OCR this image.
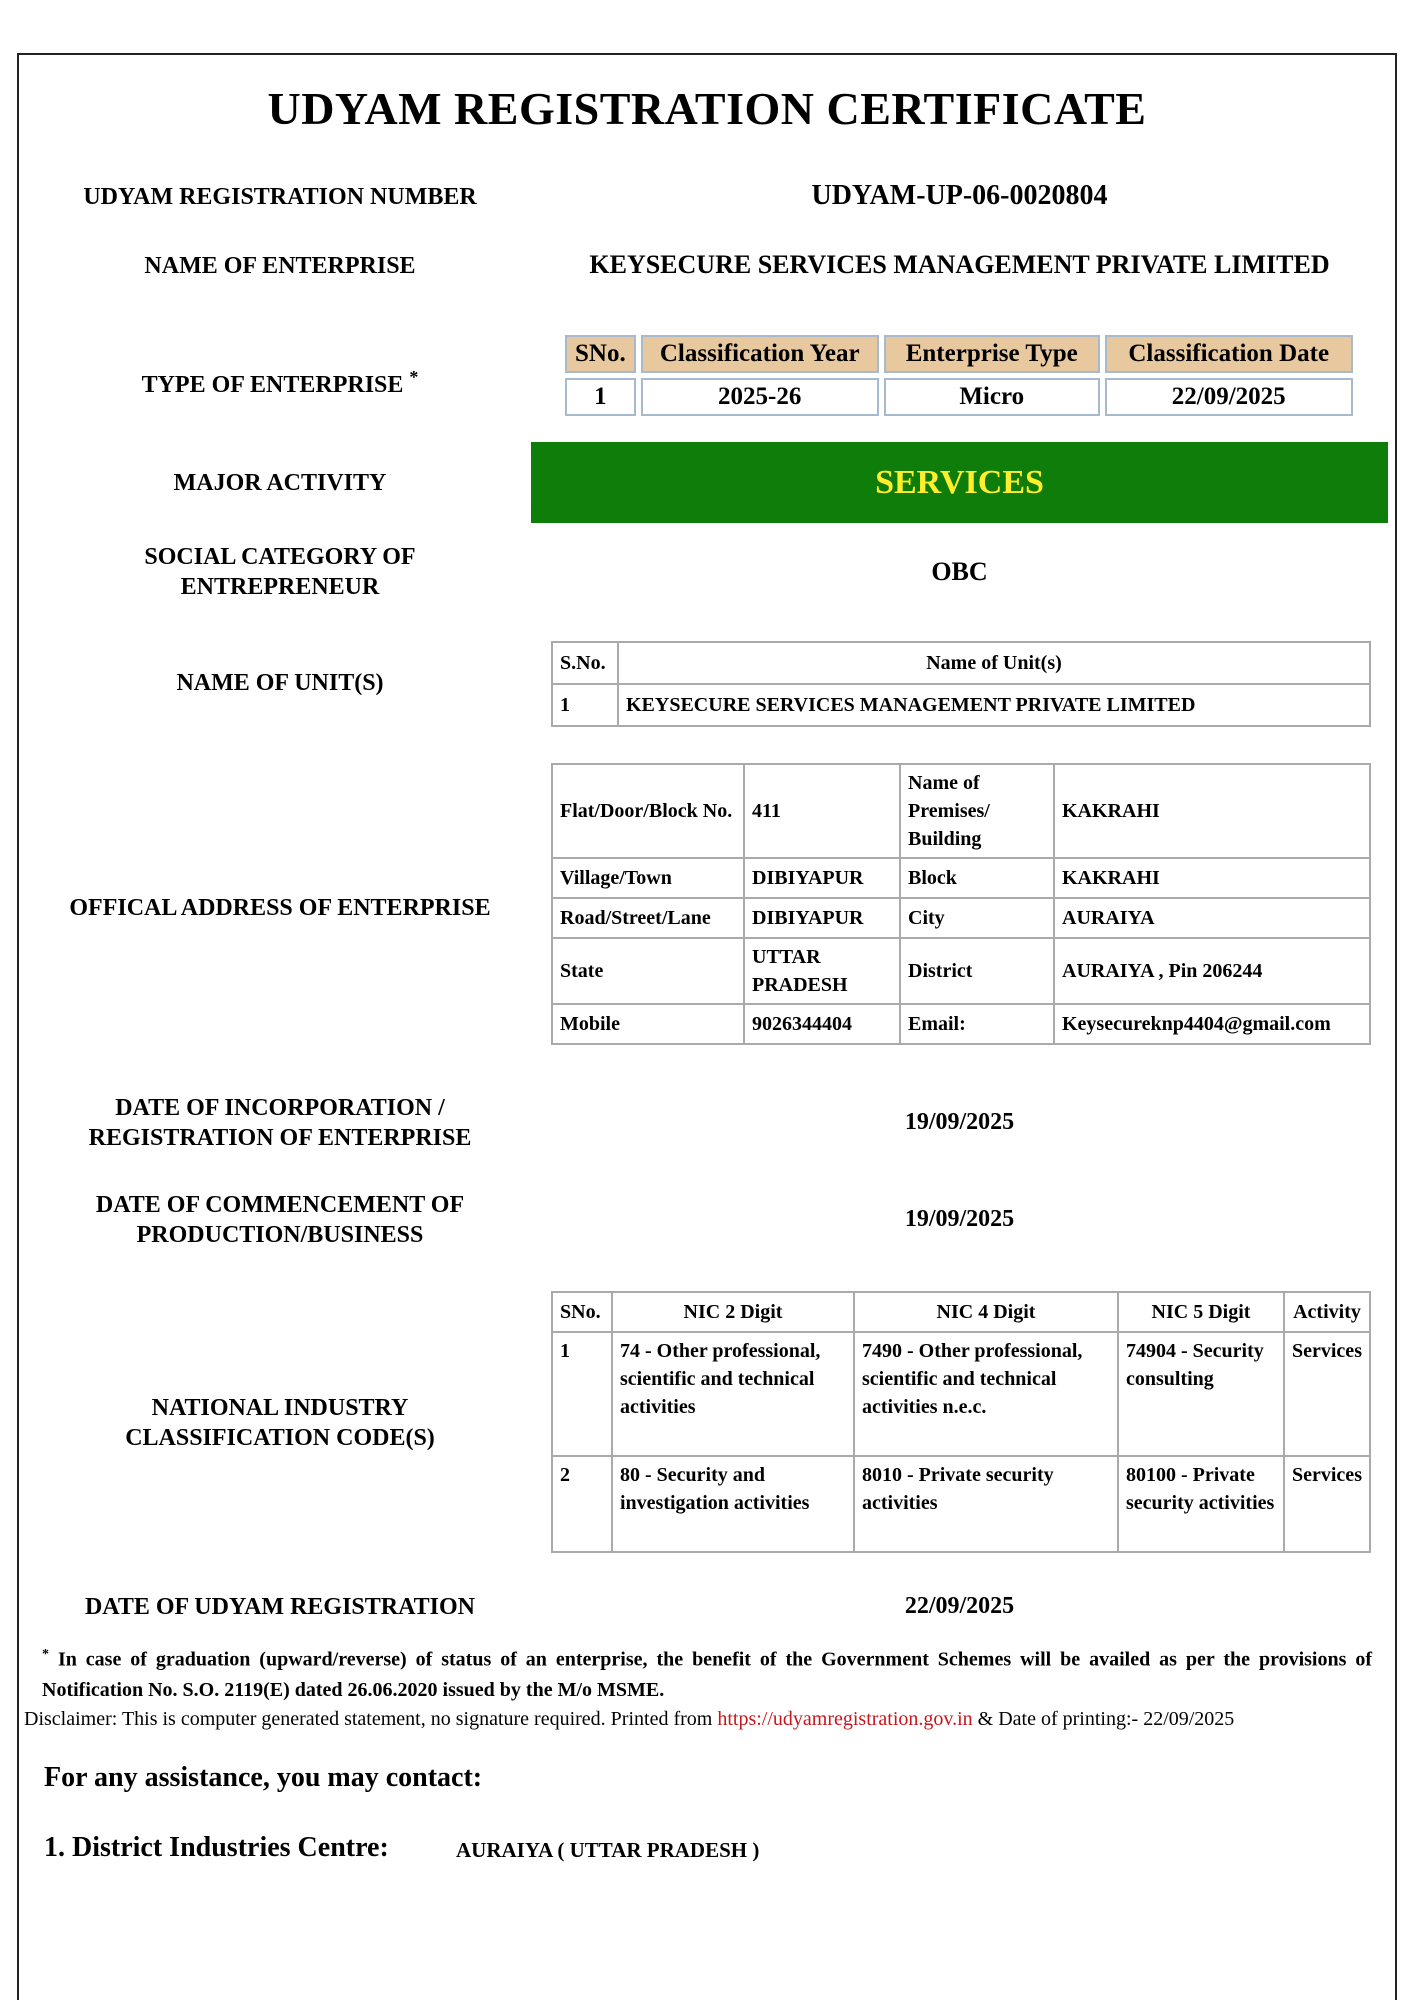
UDYAM REGISTRATION CERTIFICATE
UDYAM REGISTRATION NUMBER	UDYAM-UP-06-0020804
NAME OF ENTERPRISE	KEYSECURE SERVICES MANAGEMENT PRIVATE LIMITED
TYPE OF ENTERPRISE *
SNo.	Classification Year	Enterprise Type	Classification Date
1	2025-26	Micro	22/09/2025
MAJOR ACTIVITY	SERVICES
SOCIAL CATEGORY OF
ENTREPRENEUR
OBC
NAME OF UNIT(S)
S.No.	Name of Unit(s)
1	KEYSECURE SERVICES MANAGEMENT PRIVATE LIMITED
OFFICAL ADDRESS OF ENTERPRISE
Flat/Door/Block No.	411	Name of Premises/ Building	KAKRAHI
Village/Town	DIBIYAPUR	Block	KAKRAHI
Road/Street/Lane	DIBIYAPUR	City	AURAIYA
State	UTTAR PRADESH	District	AURAIYA , Pin 206244
Mobile	9026344404	Email:	Keysecureknp4404@gmail.com
DATE OF INCORPORATION /
REGISTRATION OF ENTERPRISE
19/09/2025
DATE OF COMMENCEMENT OF
PRODUCTION/BUSINESS
19/09/2025
NATIONAL INDUSTRY
CLASSIFICATION CODE(S)
SNo.	NIC 2 Digit	NIC 4 Digit	NIC 5 Digit	Activity
1	74 - Other professional, scientific and technical activities	7490 - Other professional, scientific and technical activities n.e.c.	74904 - Security consulting	Services
2	80 - Security and investigation activities	8010 - Private security activities	80100 - Private security activities	Services
DATE OF UDYAM REGISTRATION	22/09/2025
* In case of graduation (upward/reverse) of status of an enterprise, the benefit of the Government Schemes will be availed as per the provisions of Notification No. S.O. 2119(E) dated 26.06.2020 issued by the M/o MSME.
Disclaimer: This is computer generated statement, no signature required. Printed from https://udyamregistration.gov.in & Date of printing:- 22/09/2025
For any assistance, you may contact:
1. District Industries Centre:	AURAIYA ( UTTAR PRADESH )
